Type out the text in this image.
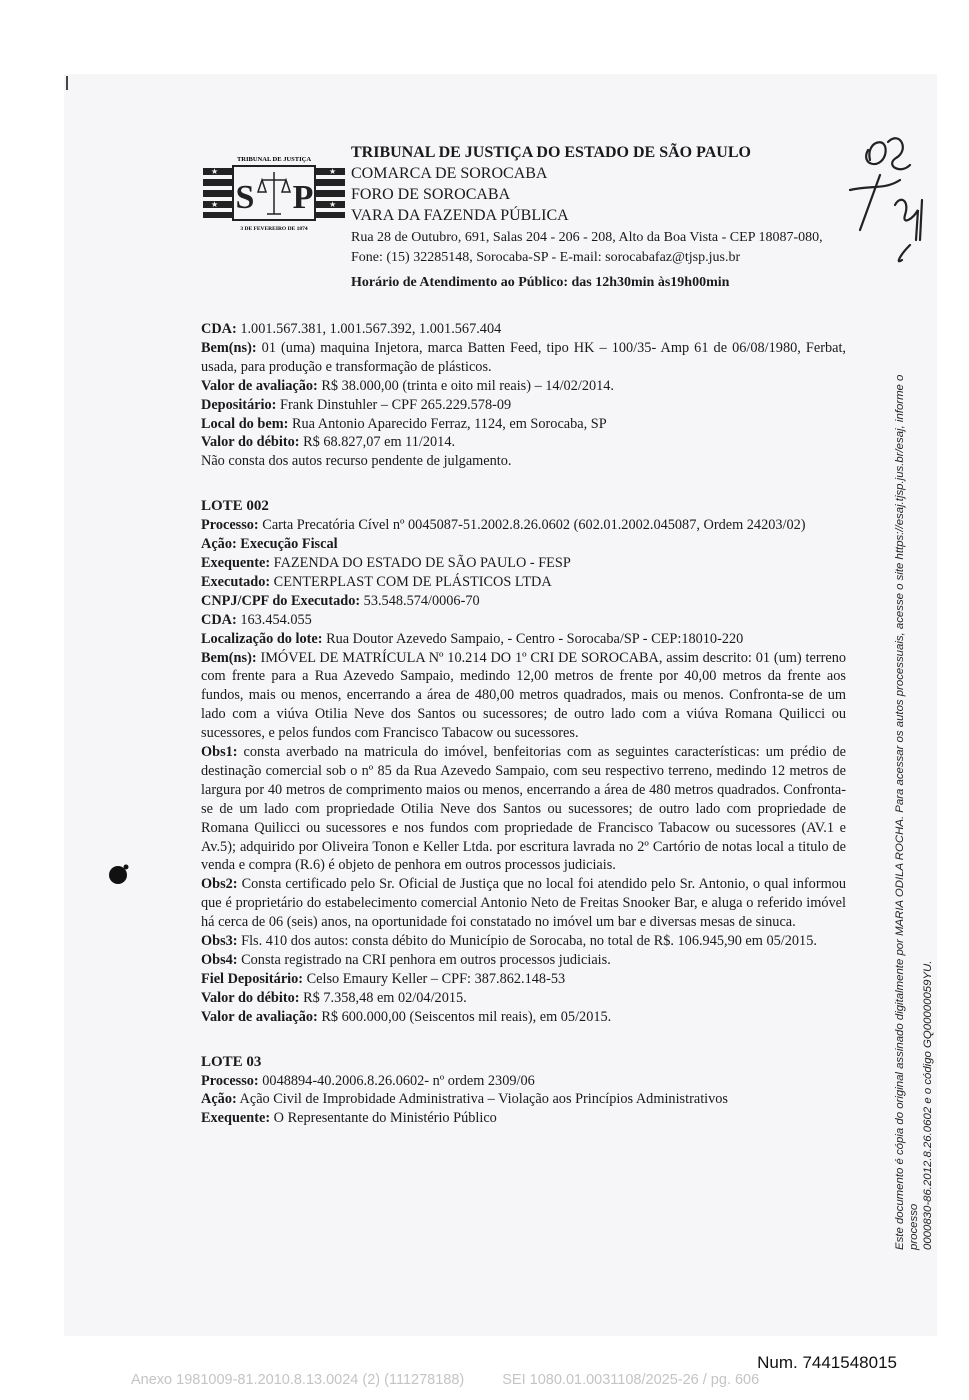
TRIBUNAL DE JUSTIÇA
S P
★	★
★	★
3 DE FEVEREIRO DE 1874
TRIBUNAL DE JUSTIÇA DO ESTADO DE SÃO PAULO
COMARCA DE SOROCABA
FORO DE SOROCABA
VARA DA FAZENDA PÚBLICA
Rua 28 de Outubro, 691, Salas 204 - 206 - 208, Alto da Boa Vista - CEP 18087-080, Fone: (15) 32285148, Sorocaba-SP - E-mail: sorocabafaz@tjsp.jus.br
Horário de Atendimento ao Público: das 12h30min às19h00min
98
671

CDA: 1.001.567.381, 1.001.567.392, 1.001.567.404

Bem(ns): 01 (uma) maquina Injetora, marca Batten Feed, tipo HK – 100/35- Amp 61 de 06/08/1980, Ferbat, usada, para produção e transformação de plásticos.

Valor de avaliação: R$ 38.000,00 (trinta e oito mil reais) – 14/02/2014.

Depositário: Frank Dinstuhler – CPF 265.229.578-09

Local do bem: Rua Antonio Aparecido Ferraz, 1124, em Sorocaba, SP

Valor do débito: R$ 68.827,07 em 11/2014.

Não consta dos autos recurso pendente de julgamento.

LOTE 002

Processo: Carta Precatória Cível nº 0045087-51.2002.8.26.0602 (602.01.2002.045087, Ordem 24203/02)

Ação: Execução Fiscal

Exequente: FAZENDA DO ESTADO DE SÃO PAULO - FESP

Executado: CENTERPLAST COM DE PLÁSTICOS LTDA

CNPJ/CPF do Executado: 53.548.574/0006-70

CDA: 163.454.055

Localização do lote: Rua Doutor Azevedo Sampaio, - Centro - Sorocaba/SP - CEP:18010-220

Bem(ns): IMÓVEL DE MATRÍCULA Nº 10.214 DO 1º CRI DE SOROCABA, assim descrito: 01 (um) terreno com frente para a Rua Azevedo Sampaio, medindo 12,00 metros de frente por 40,00 metros da frente aos fundos, mais ou menos, encerrando a área de 480,00 metros quadrados, mais ou menos. Confronta-se de um lado com a viúva Otilia Neve dos Santos ou sucessores; de outro lado com a viúva Romana Quilicci ou sucessores, e pelos fundos com Francisco Tabacow ou sucessores.

Obs1: consta averbado na matricula do imóvel, benfeitorias com as seguintes características: um prédio de destinação comercial sob o nº 85 da Rua Azevedo Sampaio, com seu respectivo terreno, medindo 12 metros de largura por 40 metros de comprimento maios ou menos, encerrando a área de 480 metros quadrados. Confronta-se de um lado com propriedade Otilia Neve dos Santos ou sucessores; de outro lado com propriedade de Romana Quilicci ou sucessores e nos fundos com propriedade de Francisco Tabacow ou sucessores (AV.1 e Av.5); adquirido por Oliveira Tonon e Keller Ltda. por escritura lavrada no 2º Cartório de notas local a titulo de venda e compra (R.6) é objeto de penhora em outros processos judiciais.

Obs2: Consta certificado pelo Sr. Oficial de Justiça que no local foi atendido pelo Sr. Antonio, o qual informou que é proprietário do estabelecimento comercial Antonio Neto de Freitas Snooker Bar, e aluga o referido imóvel há cerca de 06 (seis) anos, na oportunidade foi constatado no imóvel um bar e diversas mesas de sinuca.

Obs3: Fls. 410 dos autos: consta débito do Município de Sorocaba, no total de R$. 106.945,90 em 05/2015.

Obs4: Consta registrado na CRI penhora em outros processos judiciais.

Fiel Depositário: Celso Emaury Keller – CPF: 387.862.148-53

Valor do débito: R$ 7.358,48 em 02/04/2015.

Valor de avaliação: R$ 600.000,00 (Seiscentos mil reais), em 05/2015.

LOTE 03

Processo: 0048894-40.2006.8.26.0602- nº ordem 2309/06

Ação: Ação Civil de Improbidade Administrativa – Violação aos Princípios Administrativos

Exequente: O Representante do Ministério Público	Este documento é cópia do original assinado digitalmente por MARIA ODILA ROCHA. Para acessar os autos processuais, acesse o site https://esaj.tjsp.jus.br/esaj, informe o processo 0000830-86.2012.8.26.0602 e o código GQ00000059YU.
Num. 7441548015
Anexo 1981009-81.2010.8.13.0024 (2) (111278188)	SEI 1080.01.0031108/2025-26 / pg. 606
